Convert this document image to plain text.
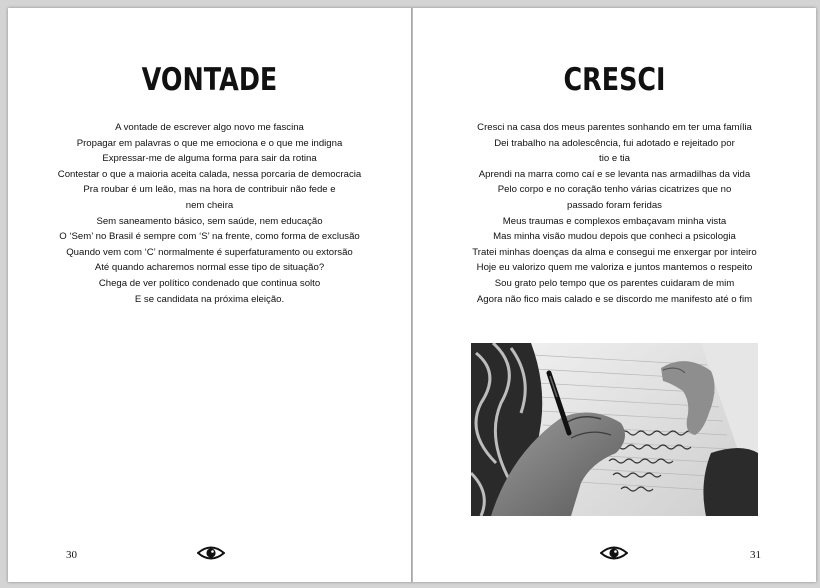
VONTADE
A vontade de escrever algo novo me fascina
Propagar em palavras o que me emociona e o que me indigna
Expressar-me de alguma forma para sair da rotina
Contestar o que a maioria aceita calada, nessa porcaria de democracia
Pra roubar é um leão, mas na hora de contribuir não fede e
nem cheira
Sem saneamento básico, sem saúde, nem educação
O ‘Sem’ no Brasil é sempre com ‘S’ na frente, como forma de exclusão
Quando vem com ‘C’ normalmente é superfaturamento ou extorsão
Até quando acharemos normal esse tipo de situação?
Chega de ver político condenado que continua solto
E se candidata na próxima eleição.
30
CRESCI
Cresci na casa dos meus parentes sonhando em ter uma família
Dei trabalho na adolescência, fui adotado e rejeitado por
tio e tia
Aprendi na marra como caí e se levanta nas armadilhas da vida
Pelo corpo e no coração tenho várias cicatrizes que no
passado foram feridas
Meus traumas e complexos embaçavam minha vista
Mas minha visão mudou depois que conheci a psicologia
Tratei minhas doenças da alma e consegui me enxergar por inteiro
Hoje eu valorizo quem me valoriza e juntos mantemos o respeito
Sou grato pelo tempo que os parentes cuidaram de mim
Agora não fico mais calado e se discordo me manifesto até o fim
31
